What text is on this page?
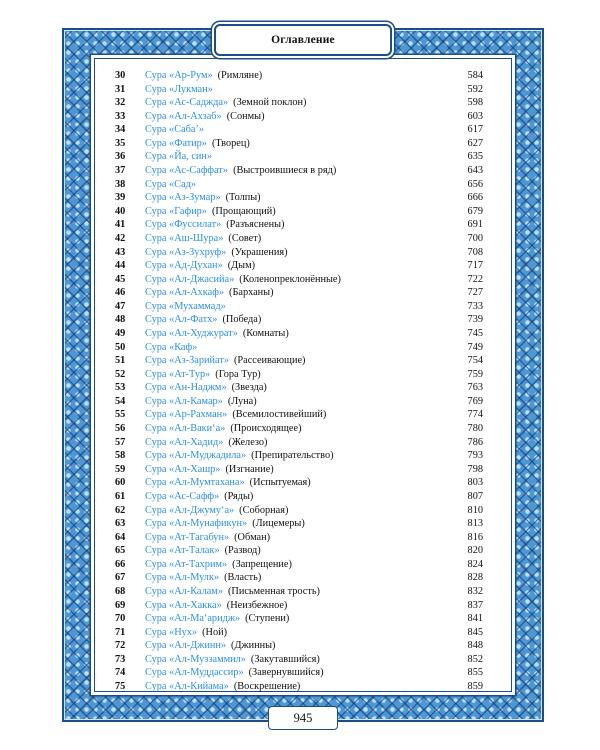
Оглавление
30	Сура «Ар-Рум» (Римляне)	584
31	Сура «Лукман»	592
32	Сура «Ас-Саджда» (Земной поклон)	598
33	Сура «Ал-Ахзаб» (Сонмы)	603
34	Сура «Саба’»	617
35	Сура «Фатир» (Творец)	627
36	Сура «Йа, син»	635
37	Сура «Ас-Саффат» (Выстроившиеся в ряд)	643
38	Сура «Сад»	656
39	Сура «Аз-Зумар» (Толпы)	666
40	Сура «Гафир» (Прощающий)	679
41	Сура «Фуссилат» (Разъяснены)	691
42	Сура «Аш-Шура» (Совет)	700
43	Сура «Аз-Зухруф» (Украшения)	708
44	Сура «Ад-Духан» (Дым)	717
45	Сура «Ал-Джасийа» (Коленопреклонённые)	722
46	Сура «Ал-Ахкаф» (Барханы)	727
47	Сура «Мухаммад»	733
48	Сура «Ал-Фатх» (Победа)	739
49	Сура «Ал-Худжурат» (Комнаты)	745
50	Сура «Каф»	749
51	Сура «Аз-Зарийат» (Рассеивающие)	754
52	Сура «Ат-Тур» (Гора Тур)	759
53	Сура «Ан-Наджм» (Звезда)	763
54	Сура «Ал-Камар» (Луна)	769
55	Сура «Ар-Рахман» (Всемилостивейший)	774
56	Сура «Ал-Ваки‘а» (Происходящее)	780
57	Сура «Ал-Хадид» (Железо)	786
58	Сура «Ал-Муджадила» (Препирательство)	793
59	Сура «Ал-Хашр» (Изгнание)	798
60	Сура «Ал-Мумтахана» (Испытуемая)	803
61	Сура «Ас-Сафф» (Ряды)	807
62	Сура «Ал-Джуму‘а» (Соборная)	810
63	Сура «Ал-Мунафикун» (Лицемеры)	813
64	Сура «Ат-Тагабун» (Обман)	816
65	Сура «Ат-Талак» (Развод)	820
66	Сура «Ат-Тахрим» (Запрещение)	824
67	Сура «Ал-Мулк» (Власть)	828
68	Сура «Ал-Калам» (Письменная трость)	832
69	Сура «Ал-Хакка» (Неизбежное)	837
70	Сура «Ал-Ма‘аридж» (Ступени)	841
71	Сура «Нух» (Ной)	845
72	Сура «Ал-Джинн» (Джинны)	848
73	Сура «Ал-Муззаммил» (Закутавшийся)	852
74	Сура «Ал-Муддассир» (Завернувшийся)	855
75	Сура «Ал-Кийама» (Воскрешение)	859
945
